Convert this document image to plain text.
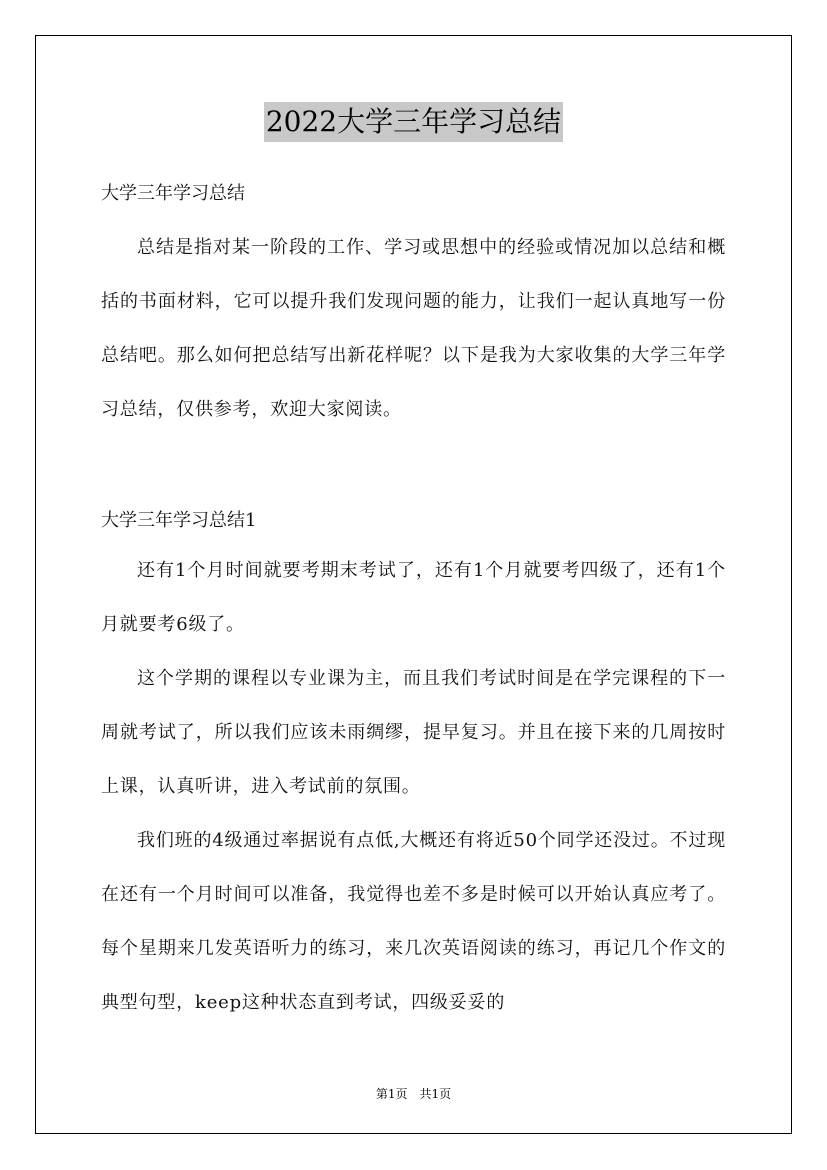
2022大学三年学习总结
大学三年学习总结

总结是指对某一阶段的工作、学习或思想中的经验或情况加以总结和概括的书面材料，它可以提升我们发现问题的能力，让我们一起认真地写一份总结吧。那么如何把总结写出新花样呢？以下是我为大家收集的大学三年学习总结，仅供参考，欢迎大家阅读。

大学三年学习总结1

还有1个月时间就要考期末考试了，还有1个月就要考四级了，还有1个月就要考6级了。

这个学期的课程以专业课为主，而且我们考试时间是在学完课程的下一周就考试了，所以我们应该未雨绸缪，提早复习。并且在接下来的几周按时上课，认真听讲，进入考试前的氛围。

我们班的4级通过率据说有点低,大概还有将近50个同学还没过。不过现在还有一个月时间可以准备，我觉得也差不多是时候可以开始认真应考了。每个星期来几发英语听力的练习，来几次英语阅读的练习，再记几个作文的典型句型，keep这种状态直到考试，四级妥妥的

第1页　共1页
